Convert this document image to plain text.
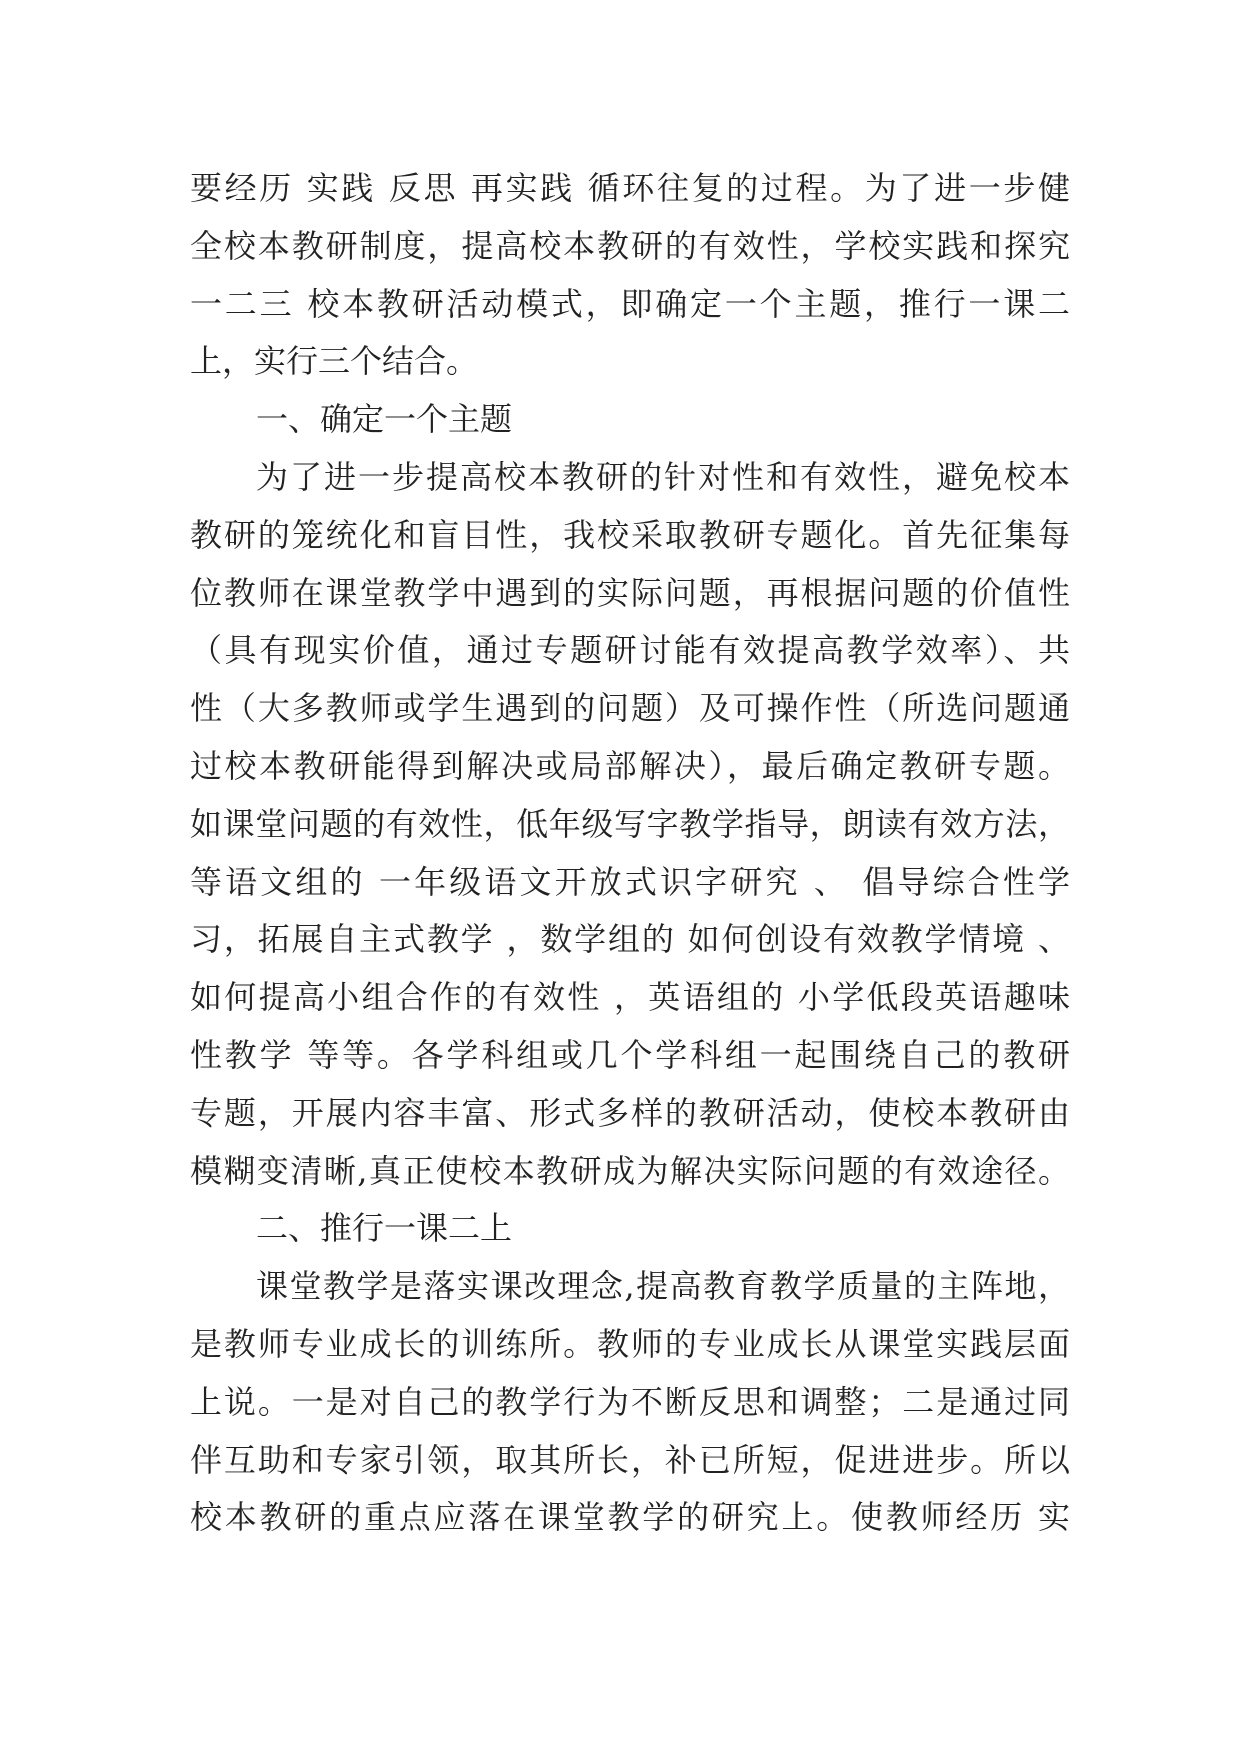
要经历 实践 反思 再实践 循环往复的过程。为了进一步健
全校本教研制度，提高校本教研的有效性，学校实践和探究
一二三 校本教研活动模式，即确定一个主题，推行一课二
上，实行三个结合。
一、确定一个主题
为了进一步提高校本教研的针对性和有效性，避免校本
教研的笼统化和盲目性，我校采取教研专题化。首先征集每
位教师在课堂教学中遇到的实际问题，再根据问题的价值性
（具有现实价值，通过专题研讨能有效提高教学效率）、共
性（大多教师或学生遇到的问题）及可操作性（所选问题通
过校本教研能得到解决或局部解决），最后确定教研专题。
如课堂问题的有效性，低年级写字教学指导，朗读有效方法，
等语文组的 一年级语文开放式识字研究 、 倡导综合性学
习，拓展自主式教学 ，数学组的 如何创设有效教学情境 、
如何提高小组合作的有效性 ，英语组的 小学低段英语趣味
性教学 等等。各学科组或几个学科组一起围绕自己的教研
专题，开展内容丰富、形式多样的教研活动，使校本教研由
模糊变清晰,真正使校本教研成为解决实际问题的有效途径。
二、推行一课二上
课堂教学是落实课改理念,提高教育教学质量的主阵地，
是教师专业成长的训练所。教师的专业成长从课堂实践层面
上说。一是对自己的教学行为不断反思和调整；二是通过同
伴互助和专家引领，取其所长，补已所短，促进进步。所以
校本教研的重点应落在课堂教学的研究上。使教师经历 实
